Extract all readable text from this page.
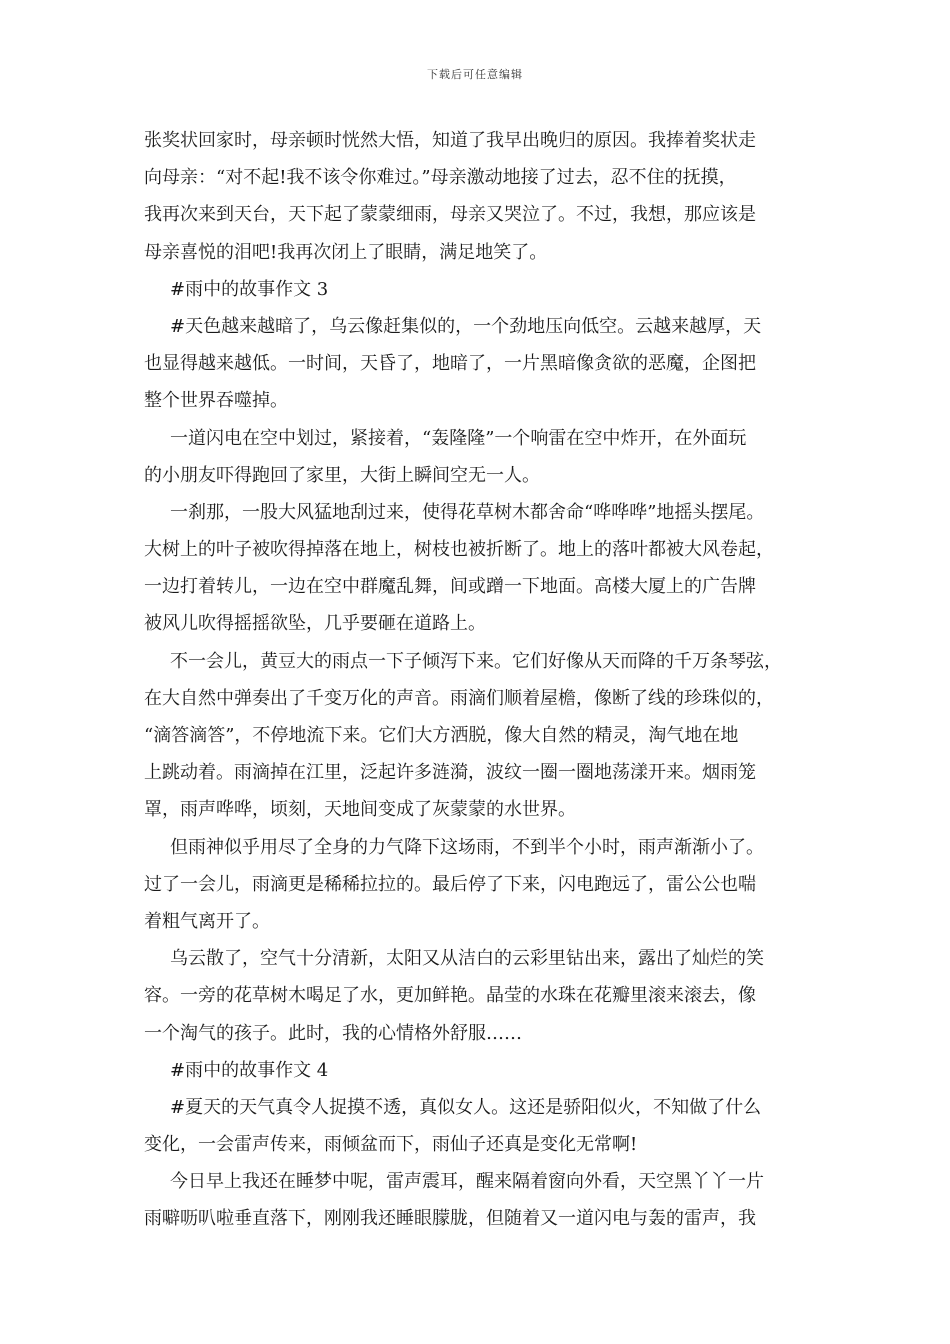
下载后可任意编辑
张奖状回家时，母亲顿时恍然大悟，知道了我早出晚归的原因。我捧着奖状走
向母亲：“对不起!我不该令你难过。”母亲激动地接了过去，忍不住的抚摸，
我再次来到天台，天下起了蒙蒙细雨，母亲又哭泣了。不过，我想，那应该是
母亲喜悦的泪吧!我再次闭上了眼睛，满足地笑了。
#雨中的故事作文 3
#天色越来越暗了，乌云像赶集似的，一个劲地压向低空。云越来越厚，天
也显得越来越低。一时间，天昏了，地暗了，一片黑暗像贪欲的恶魔，企图把
整个世界吞噬掉。
一道闪电在空中划过，紧接着，“轰隆隆”一个响雷在空中炸开，在外面玩
的小朋友吓得跑回了家里，大街上瞬间空无一人。
一刹那，一股大风猛地刮过来，使得花草树木都舍命“哗哗哗”地摇头摆尾。
大树上的叶子被吹得掉落在地上，树枝也被折断了。地上的落叶都被大风卷起，
一边打着转儿，一边在空中群魔乱舞，间或蹭一下地面。高楼大厦上的广告牌
被风儿吹得摇摇欲坠，几乎要砸在道路上。
不一会儿，黄豆大的雨点一下子倾泻下来。它们好像从天而降的千万条琴弦，
在大自然中弹奏出了千变万化的声音。雨滴们顺着屋檐，像断了线的珍珠似的，
“滴答滴答”，不停地流下来。它们大方洒脱，像大自然的精灵，淘气地在地
上跳动着。雨滴掉在江里，泛起许多涟漪，波纹一圈一圈地荡漾开来。烟雨笼
罩，雨声哗哗，顷刻，天地间变成了灰蒙蒙的水世界。
但雨神似乎用尽了全身的力气降下这场雨，不到半个小时，雨声渐渐小了。
过了一会儿，雨滴更是稀稀拉拉的。最后停了下来，闪电跑远了，雷公公也喘
着粗气离开了。
乌云散了，空气十分清新，太阳又从洁白的云彩里钻出来，露出了灿烂的笑
容。一旁的花草树木喝足了水，更加鲜艳。晶莹的水珠在花瓣里滚来滚去，像
一个淘气的孩子。此时，我的心情格外舒服……
#雨中的故事作文 4
#夏天的天气真令人捉摸不透，真似女人。这还是骄阳似火，不知做了什么
变化，一会雷声传来，雨倾盆而下，雨仙子还真是变化无常啊!
今日早上我还在睡梦中呢，雷声震耳，醒来隔着窗向外看，天空黑丫丫一片
雨噼呖叭啦垂直落下，刚刚我还睡眼朦胧，但随着又一道闪电与轰的雷声，我
